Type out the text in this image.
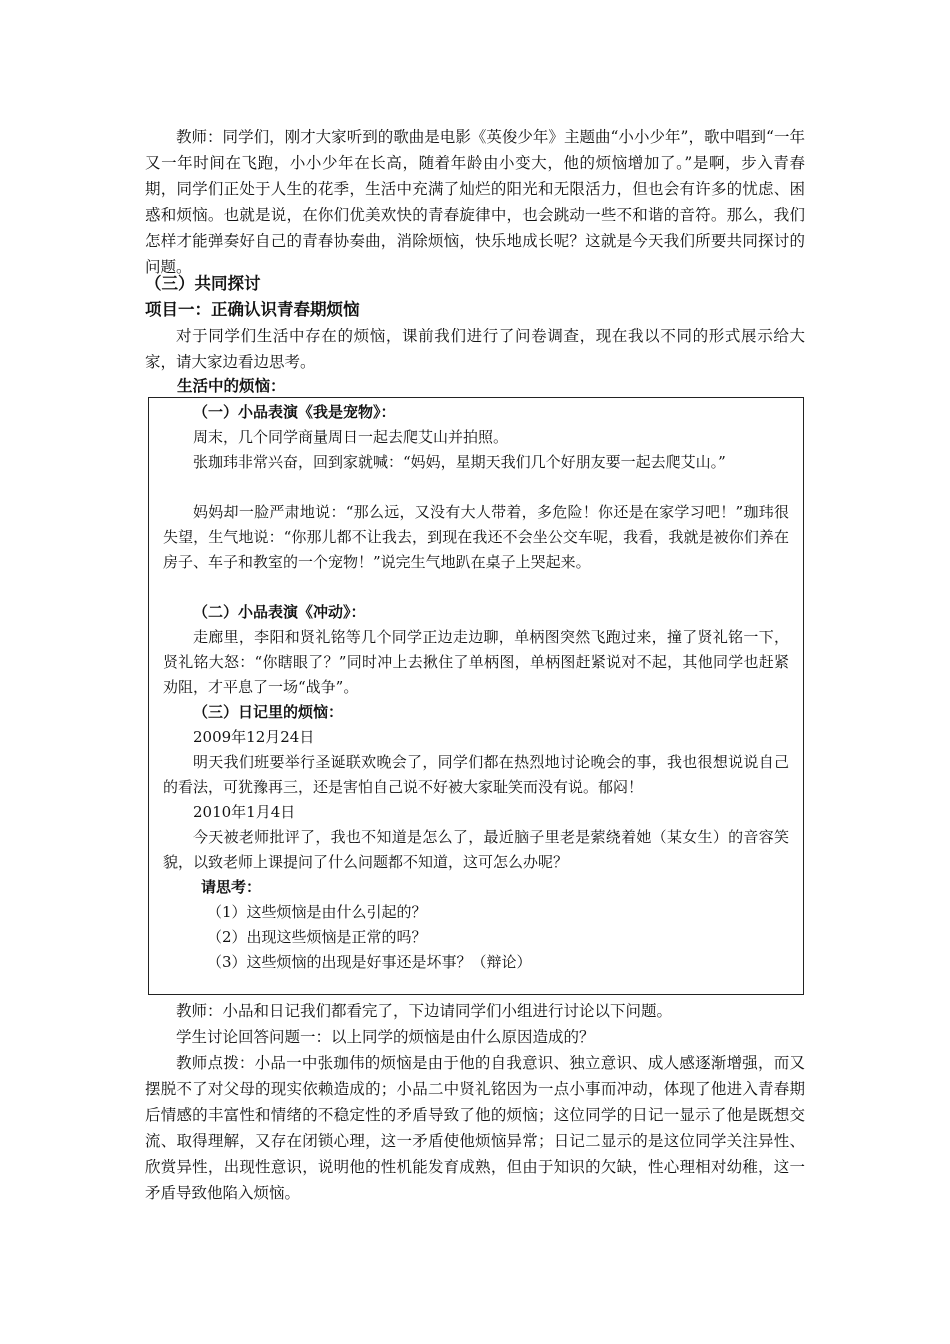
教师：同学们，刚才大家听到的歌曲是电影《英俊少年》主题曲“小小少年”，歌中唱到“一年又一年时间在飞跑，小小少年在长高，随着年龄由小变大，他的烦恼增加了。”是啊，步入青春期，同学们正处于人生的花季，生活中充满了灿烂的阳光和无限活力，但也会有许多的忧虑、困惑和烦恼。也就是说，在你们优美欢快的青春旋律中，也会跳动一些不和谐的音符。那么，我们怎样才能弹奏好自己的青春协奏曲，消除烦恼，快乐地成长呢？这就是今天我们所要共同探讨的问题。

（三）共同探讨

项目一：正确认识青春期烦恼

对于同学们生活中存在的烦恼，课前我们进行了问卷调查，现在我以不同的形式展示给大家，请大家边看边思考。

生活中的烦恼：

（一）小品表演《我是宠物》：

周末，几个同学商量周日一起去爬艾山并拍照。

张珈玮非常兴奋，回到家就喊：“妈妈，星期天我们几个好朋友要一起去爬艾山。”

妈妈却一脸严肃地说：“那么远，又没有大人带着，多危险！你还是在家学习吧！”珈玮很失望，生气地说：“你那儿都不让我去，到现在我还不会坐公交车呢，我看，我就是被你们养在房子、车子和教室的一个宠物！”说完生气地趴在桌子上哭起来。

（二）小品表演《冲动》：

走廊里，李阳和贤礼铭等几个同学正边走边聊，单柄图突然飞跑过来，撞了贤礼铭一下，贤礼铭大怒：“你瞎眼了？”同时冲上去揪住了单柄图，单柄图赶紧说对不起，其他同学也赶紧劝阻，才平息了一场“战争”。

（三）日记里的烦恼：

2009年12月24日

明天我们班要举行圣诞联欢晚会了，同学们都在热烈地讨论晚会的事，我也很想说说自己的看法，可犹豫再三，还是害怕自己说不好被大家耻笑而没有说。郁闷！

2010年1月4日

今天被老师批评了，我也不知道是怎么了，最近脑子里老是萦绕着她（某女生）的音容笑貌，以致老师上课提问了什么问题都不知道，这可怎么办呢？

请思考：

（1）这些烦恼是由什么引起的？

（2）出现这些烦恼是正常的吗？

（3）这些烦恼的出现是好事还是坏事？（辩论）

教师：小品和日记我们都看完了，下边请同学们小组进行讨论以下问题。

学生讨论回答问题一：以上同学的烦恼是由什么原因造成的？

教师点拨：小品一中张珈伟的烦恼是由于他的自我意识、独立意识、成人感逐渐增强，而又摆脱不了对父母的现实依赖造成的；小品二中贤礼铭因为一点小事而冲动，体现了他进入青春期后情感的丰富性和情绪的不稳定性的矛盾导致了他的烦恼；这位同学的日记一显示了他是既想交流、取得理解，又存在闭锁心理，这一矛盾使他烦恼异常；日记二显示的是这位同学关注异性、欣赏异性，出现性意识，说明他的性机能发育成熟，但由于知识的欠缺，性心理相对幼稚，这一矛盾导致他陷入烦恼。
